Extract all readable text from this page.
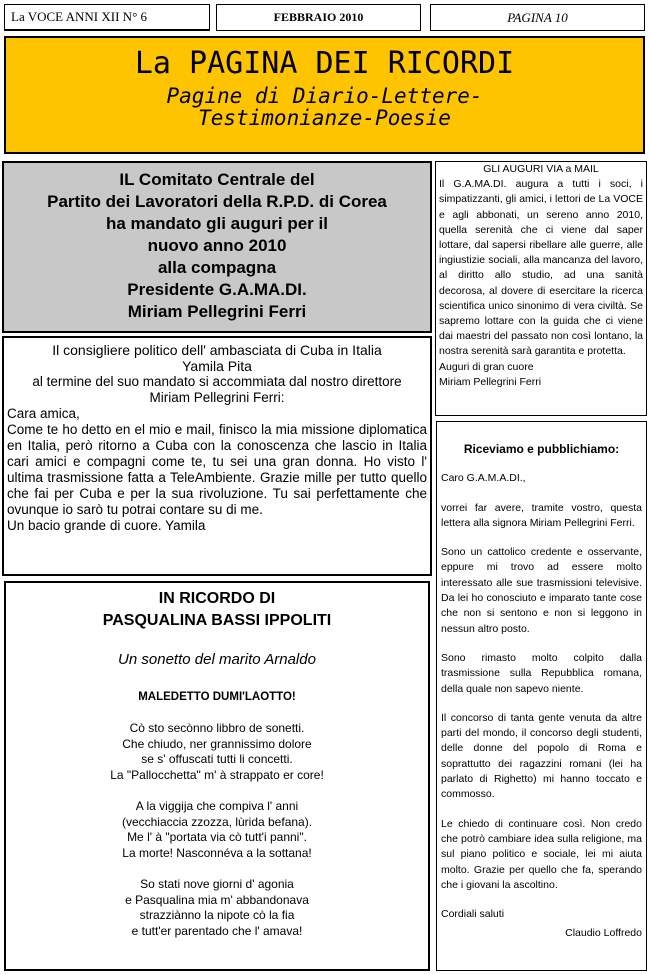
La VOCE ANNI XII N° 6	FEBBRAIO 2010	PAGINA 10
La PAGINA DEI RICORDI
Pagine di Diario-Lettere-
Testimonianze-Poesie
IL Comitato Centrale del
Partito dei Lavoratori della R.P.D. di Corea
ha mandato gli auguri per il
nuovo anno 2010
alla compagna
Presidente G.A.MA.DI.
Miriam Pellegrini Ferri

Il consigliere politico dell' ambasciata di Cuba in Italia

Yamila Pita

al termine del suo mandato si accommiata dal nostro direttore

Miriam Pellegrini Ferri:

Cara amica,

Come te ho detto en el mio e mail, finisco la mia missione diplomatica en Italia, però ritorno a Cuba con la conoscenza che lascio in Italia cari amici e compagni come te, tu sei una gran donna. Ho visto l' ultima trasmissione fatta a TeleAmbiente. Grazie mille per tutto quello che fai per Cuba e per la sua rivoluzione. Tu sai perfettamente che ovunque io sarò tu potrai contare su di me.

Un bacio grande di cuore. Yamila

IN RICORDO DI
PASQUALINA BASSI IPPOLITI
Un sonetto del marito Arnaldo
MALEDETTO DUMI'LAOTTO!
Cò sto secònno libbro de sonetti.
Che chiudo, ner grannissimo dolore
se s' offuscati tutti li concetti.
La "Pallocchetta" m' à strappato er core!
A la viggija che compiva l' anni
(vecchiaccia zzozza, lùrida befana).
Me l' à "portata via cò tutt'i panni".
La morte! Nasconnéva a la sottana!
So stati nove giorni d' agonia
e Pasqualina mia m' abbandonava
strazziànno la nipote cò la fia
e tutt'er parentado che l' amava!

GLI AUGURI VIA a MAIL

Il G.A.MA.DI. augura a tutti i soci, i simpatizzanti, gli amici, i lettori de La VOCE e agli abbonati, un sereno anno 2010, quella serenità che ci viene dal saper lottare, dal sapersi ribellare alle guerre, alle ingiustizie sociali, alla mancanza del lavoro, al diritto allo studio, ad una sanità decorosa, al dovere di esercitare la ricerca scientifica unico sinonimo di vera civiltà. Se sapremo lottare con la guida che ci viene dai maestri del passato non così lontano, la nostra serenità sarà garantita e protetta.

Auguri di gran cuore

Miriam Pellegrini Ferri

Riceviamo e pubblichiamo:

Caro G.A.M.A.DI.,

vorrei far avere, tramite vostro, questa lettera alla signora Miriam Pellegrini Ferri.

Sono un cattolico credente e osservante, eppure mi trovo ad essere molto interessato alle sue trasmissioni televisive. Da lei ho conosciuto e imparato tante cose che non si sentono e non si leggono in nessun altro posto.

Sono rimasto molto colpito dalla trasmissione sulla Repubblica romana, della quale non sapevo niente.

Il concorso di tanta gente venuta da altre parti del mondo, il concorso degli studenti, delle donne del popolo di Roma e soprattutto dei ragazzini romani (lei ha parlato di Righetto) mi hanno toccato e commosso.

Le chiedo di continuare così. Non credo che potrò cambiare idea sulla religione, ma sul piano politico e sociale, lei mi aiuta molto. Grazie per quello che fa, sperando che i giovani la ascoltino.

Cordiali saluti

Claudio Loffredo
